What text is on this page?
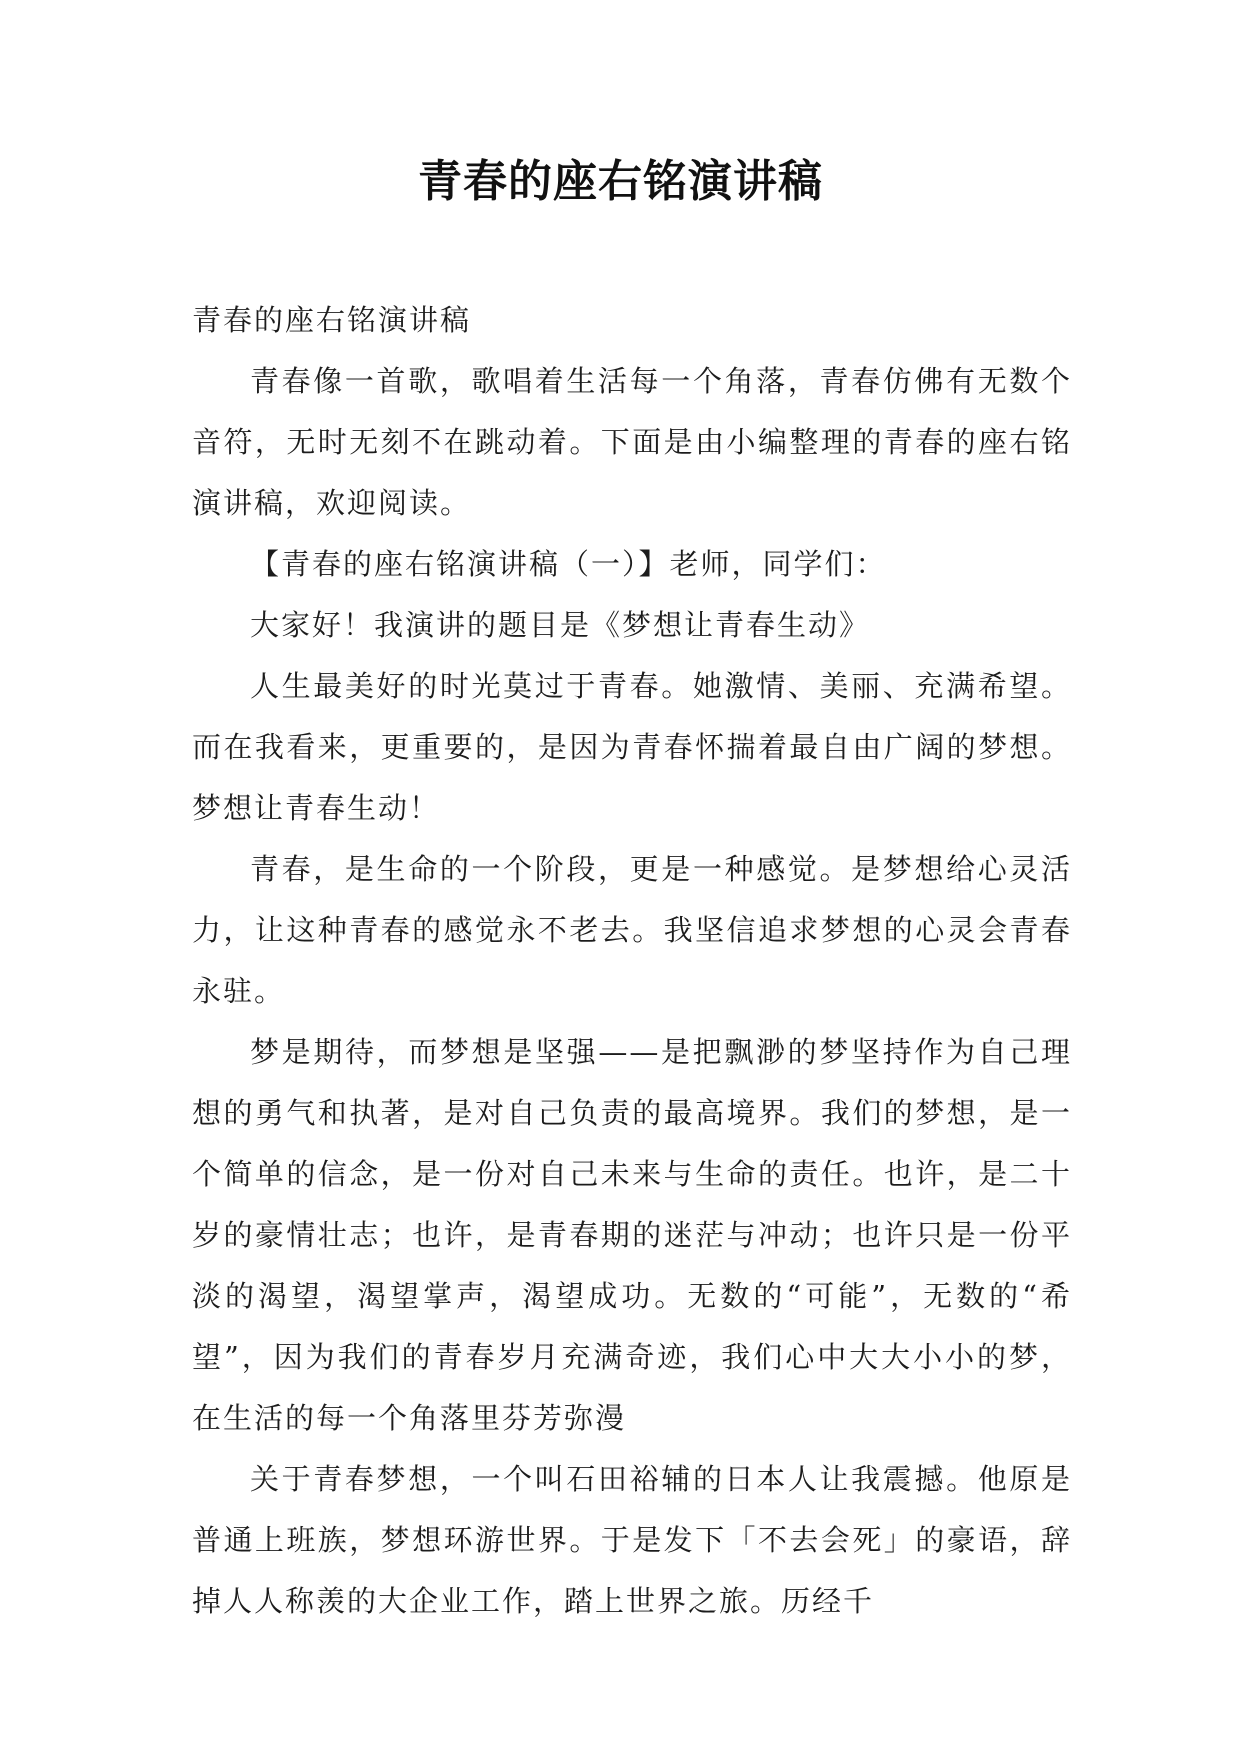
青春的座右铭演讲稿

青春的座右铭演讲稿

青春像一首歌，歌唱着生活每一个角落，青春仿佛有无数个音符，无时无刻不在跳动着。下面是由小编整理的青春的座右铭演讲稿，欢迎阅读。

【青春的座右铭演讲稿（一）】老师，同学们：

大家好！我演讲的题目是《梦想让青春生动》

人生最美好的时光莫过于青春。她激情、美丽、充满希望。而在我看来，更重要的，是因为青春怀揣着最自由广阔的梦想。梦想让青春生动！

青春，是生命的一个阶段，更是一种感觉。是梦想给心灵活力，让这种青春的感觉永不老去。我坚信追求梦想的心灵会青春永驻。

梦是期待，而梦想是坚强——是把飘渺的梦坚持作为自己理想的勇气和执著，是对自己负责的最高境界。我们的梦想，是一个简单的信念，是一份对自己未来与生命的责任。也许，是二十岁的豪情壮志；也许，是青春期的迷茫与冲动；也许只是一份平淡的渴望，渴望掌声，渴望成功。无数的“可能”，无数的“希望”，因为我们的青春岁月充满奇迹，我们心中大大小小的梦，在生活的每一个角落里芬芳弥漫

关于青春梦想，一个叫石田裕辅的日本人让我震撼。他原是普通上班族，梦想环游世界。于是发下「不去会死」的豪语，辞掉人人称羡的大企业工作，踏上世界之旅。历经千
